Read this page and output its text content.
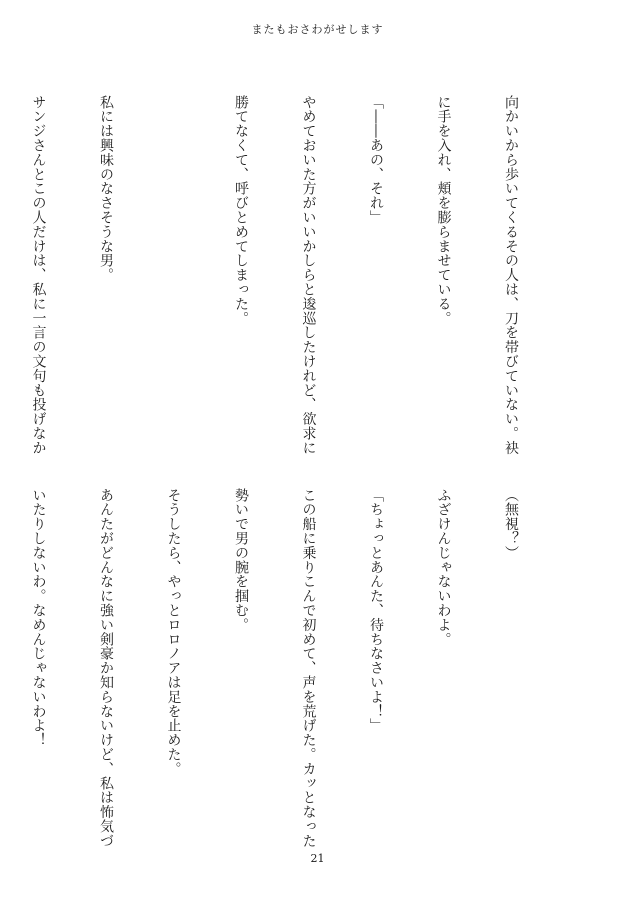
またもおさわがせします

向かいから歩いてくるその人は、刀を帯びていない。袂

に手を入れ、頬を膨らませている。

「――あの、それ」

やめておいた方がいいかしらと逡巡したけれど、欲求に

勝てなくて、呼びとめてしまった。

私には興味のなさそうな男。

サンジさんとこの人だけは、私に一言の文句も投げなか

（無視？）

ふざけんじゃないわよ。

「ちょっとあんた、待ちなさいよ！」

この船に乗りこんで初めて、声を荒げた。カッとなった

勢いで男の腕を掴む。

そうしたら、やっとロロノアは足を止めた。

あんたがどんなに強い剣豪か知らないけど、私は怖気づ

いたりしないわ。なめんじゃないわよ！

21
